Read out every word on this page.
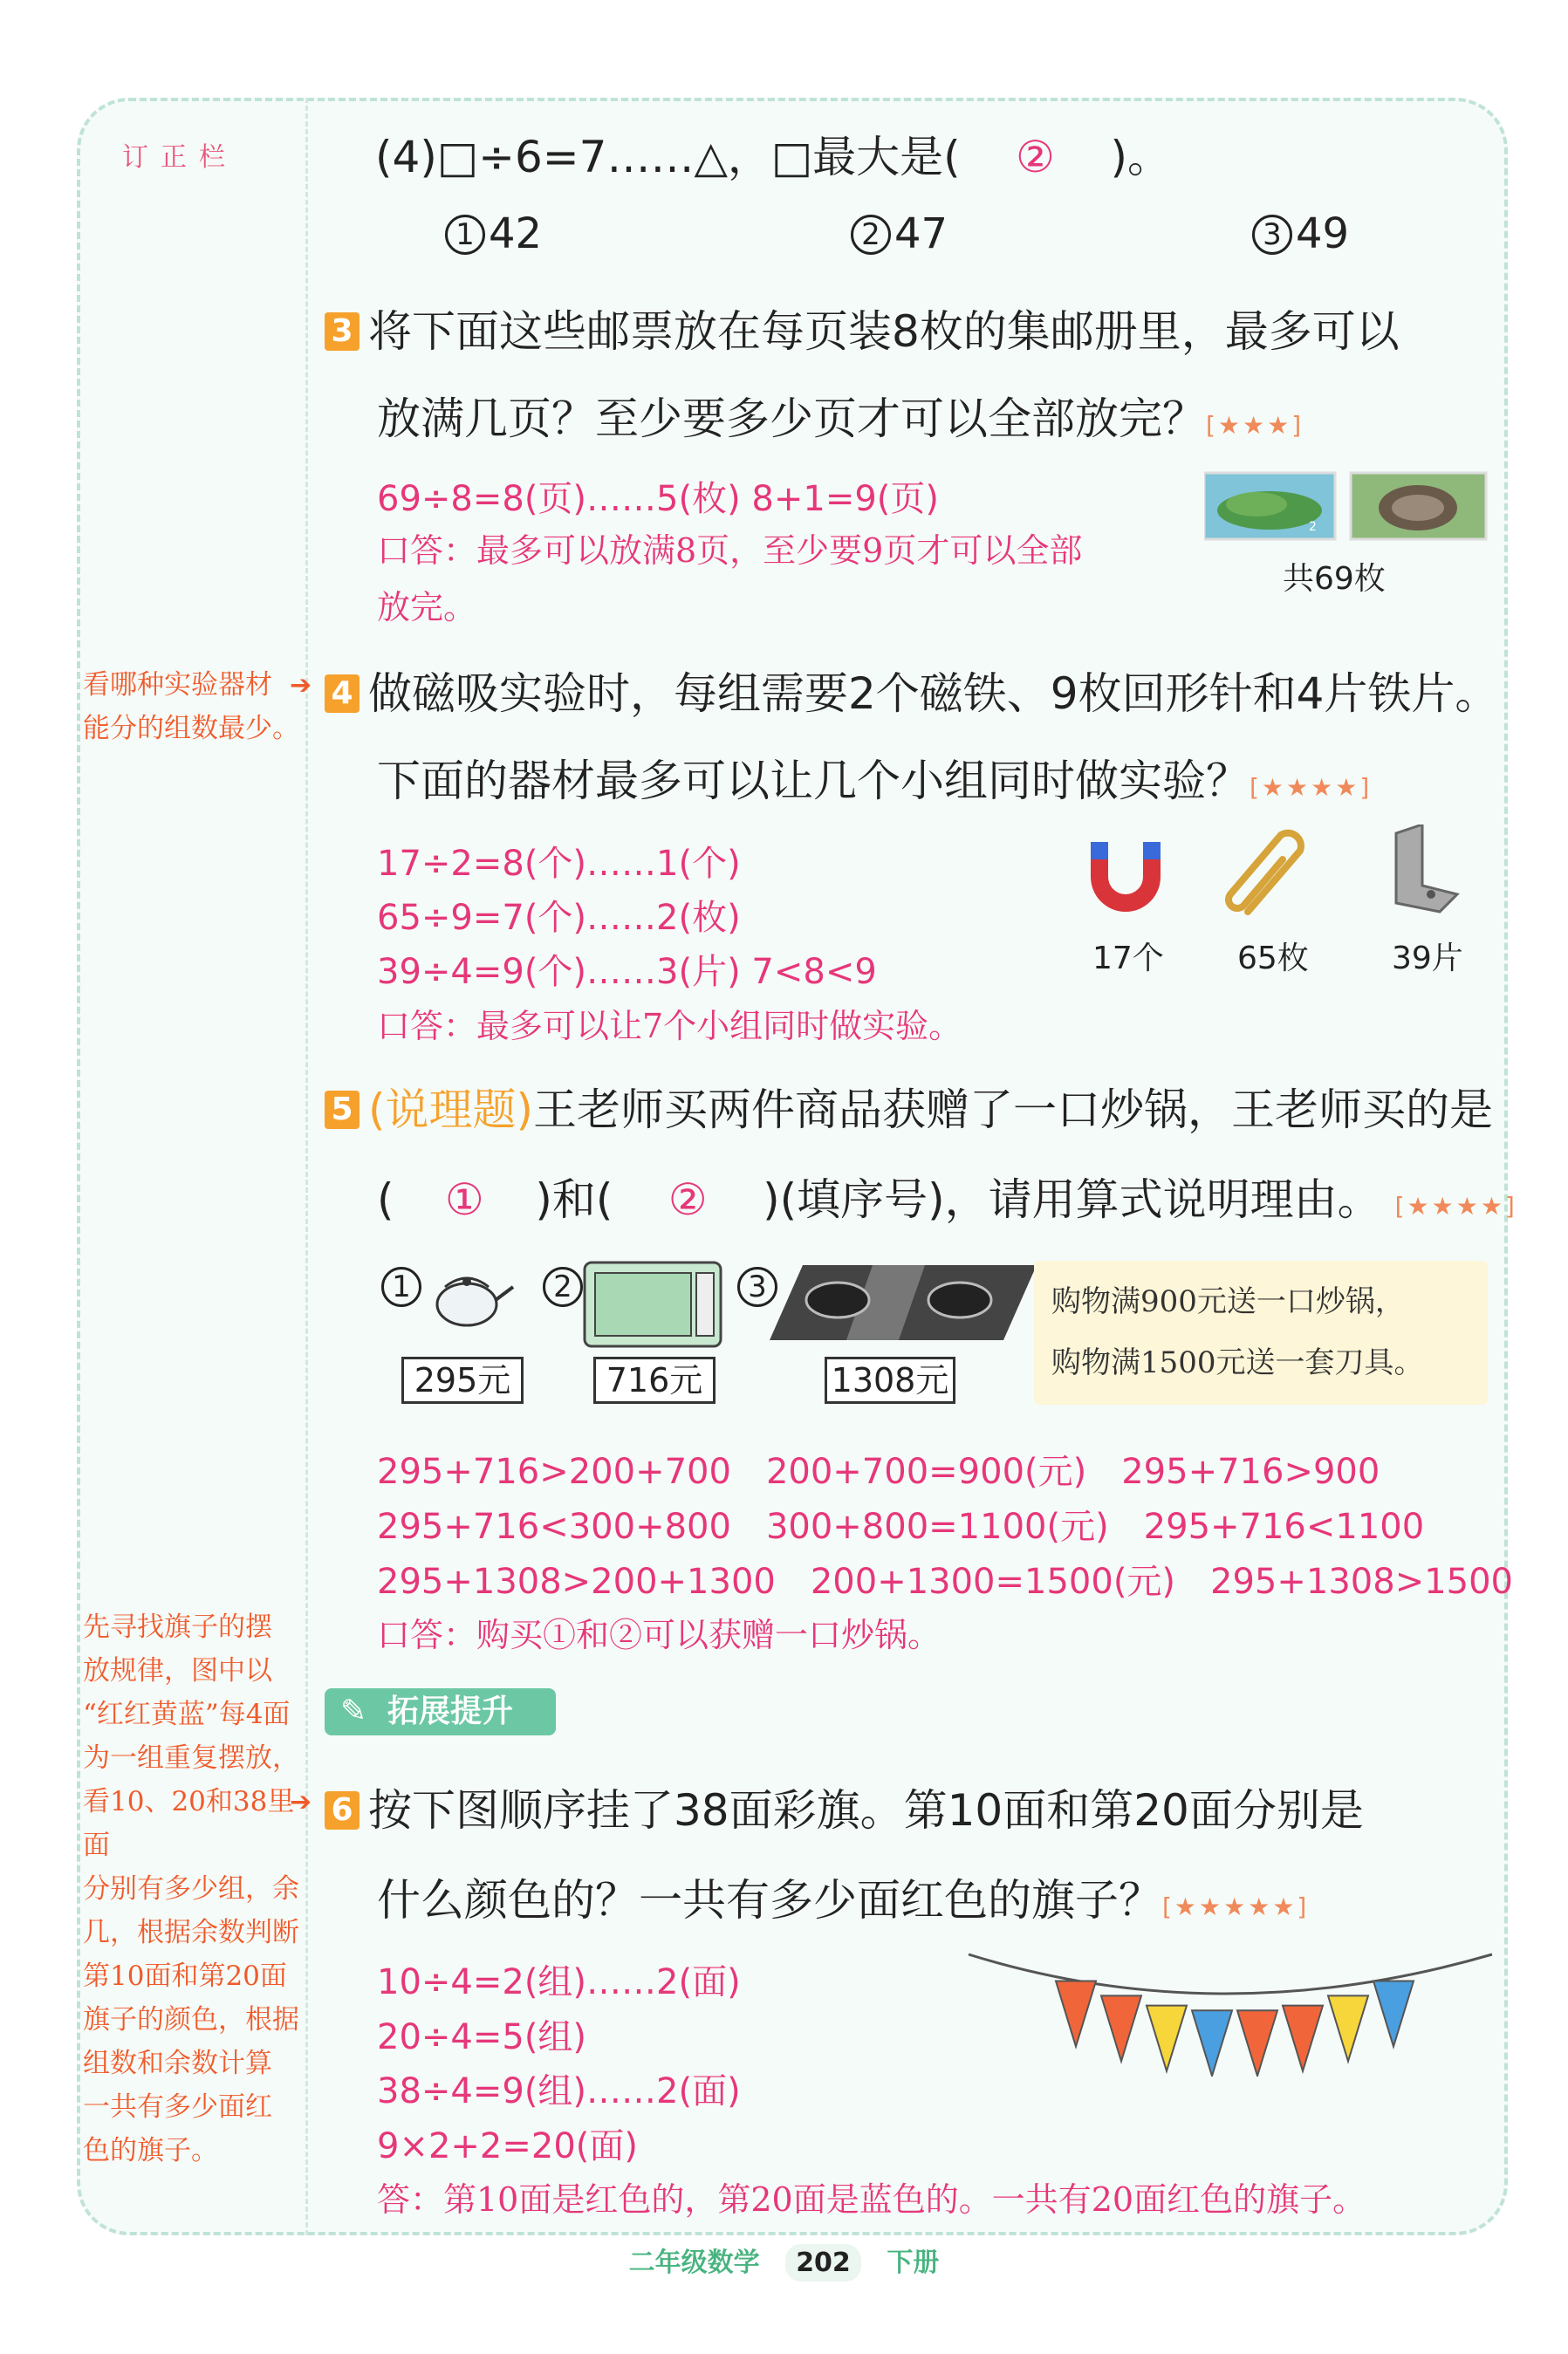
订正栏
看哪种实验器材
能分的组数最少。
➔
先寻找旗子的摆
放规律，图中以
“红红黄蓝”每4面
为一组重复摆放，
看10、20和38里面
分别有多少组，余
几，根据余数判断
第10面和第20面
旗子的颜色，根据
组数和余数计算
一共有多少面红
色的旗子。
➔
(4)□÷6=7……△，□最大是( ② )。
1 42	2 47	3 49
3 将下面这些邮票放在每页装8枚的集邮册里，最多可以
放满几页？至少要多少页才可以全部放完？[★★★]
69÷8=8(页)……5(枚) 8+1=9(页)
口答：最多可以放满8页，至少要9页才可以全部
放完。
2
共69枚
4 做磁吸实验时，每组需要2个磁铁、9枚回形针和4片铁片。
下面的器材最多可以让几个小组同时做实验？[★★★★]
17÷2=8(个)……1(个)
65÷9=7(个)……2(枚)
39÷4=9(个)……3(片) 7<8<9
口答：最多可以让7个小组同时做实验。
17个 65枚	39片
5 (说理题)王老师买两件商品获赠了一口炒锅，王老师买的是
( ① )和( ② )(填序号)，请用算式说明理由。 [★★★★]
1
295元
2
716元
3
1308元
购物满900元送一口炒锅，
购物满1500元送一套刀具。
295+716>200+700 200+700=900(元) 295+716>900
295+716<300+800 300+800=1100(元) 295+716<1100
295+1308>200+1300 200+1300=1500(元) 295+1308>1500
口答：购买①和②可以获赠一口炒锅。
✎ 拓展提升
6 按下图顺序挂了38面彩旗。第10面和第20面分别是
什么颜色的？一共有多少面红色的旗子？[★★★★★]
10÷4=2(组)……2(面)
20÷4=5(组)
38÷4=9(组)……2(面)
9×2+2=20(面)
答：第10面是红色的，第20面是蓝色的。一共有20面红色的旗子。
二年级数学 202 下册
